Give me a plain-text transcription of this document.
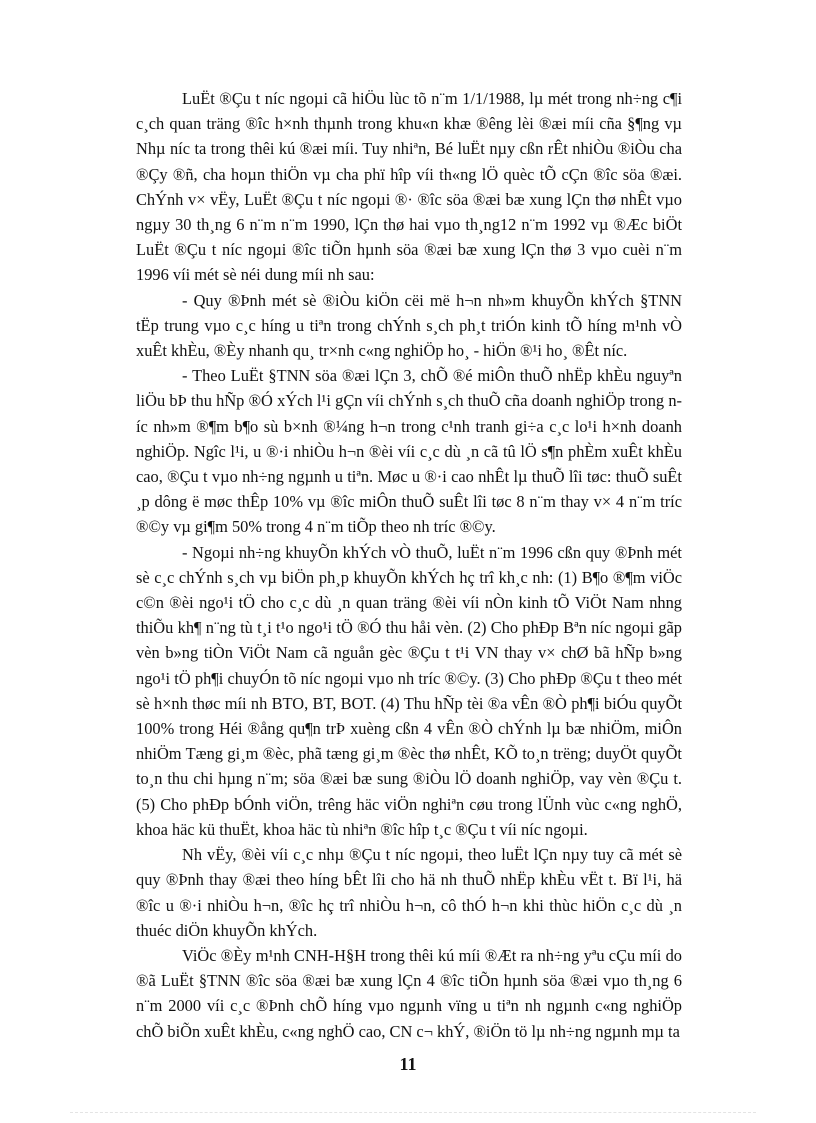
LuËt ®Çu t níc ngoµi cã hiÖu lùc tõ n¨m 1/1/1988, lµ mét trong nh÷ng c¶i c¸ch quan träng ®îc h×nh thµnh trong khu«n khæ ®êng lèi ®æi míi cña §¶ng vµ Nhµ níc ta trong thêi kú ®æi míi. Tuy nhiªn, Bé luËt nµy cßn rÊt nhiÒu ®iÒu cha ®Çy ®ñ, cha hoµn thiÖn vµ cha phï hîp víi th«ng lÖ quèc tÕ cÇn ®îc söa ®æi. ChÝnh v× vËy, LuËt ®Çu t níc ngoµi ®· ®îc söa ®æi bæ xung lÇn thø nhÊt vµo ngµy 30 th¸ng 6 n¨m n¨m 1990, lÇn thø hai vµo th¸ng12 n¨m 1992 vµ ®Æc biÖt LuËt ®Çu t níc ngoµi ®îc tiÕn hµnh söa ®æi bæ xung lÇn thø 3 vµo cuèi n¨m 1996 víi mét sè néi dung míi nh sau:

- Quy ®Þnh mét sè ®iÒu kiÖn cëi më h¬n nh»m khuyÕn khÝch §TNN tËp trung vµo c¸c híng u tiªn trong chÝnh s¸ch ph¸t triÓn kinh tÕ híng m¹nh vÒ xuÊt khÈu, ®Èy nhanh qu¸ tr×nh c«ng nghiÖp ho¸ - hiÖn ®¹i ho¸ ®Êt níc.

- Theo LuËt §TNN söa ®æi lÇn 3, chÕ ®é miÔn thuÕ nhËp khÈu nguyªn liÖu bÞ thu hÑp ®Ó xÝch l¹i gÇn víi chÝnh s¸ch thuÕ cña doanh nghiÖp trong níc nh»m ®¶m b¶o sù b×nh ®¼ng h¬n trong c¹nh tranh gi÷a c¸c lo¹i h×nh doanh nghiÖp. Ngîc l¹i, u ®·i nhiÒu h¬n ®èi víi c¸c dù ¸n cã tû lÖ s¶n phÈm xuÊt khÈu cao, ®Çu t vµo nh÷ng ngµnh u tiªn. Møc u ®·i cao nhÊt lµ thuÕ lîi tøc: thuÕ suÊt ¸p dông ë møc thÊp 10% vµ ®îc miÔn thuÕ suÊt lîi tøc 8 n¨m thay v× 4 n¨m tríc ®©y vµ gi¶m 50% trong 4 n¨m tiÕp theo nh tríc ®©y.

- Ngoµi nh÷ng khuyÕn khÝch vÒ thuÕ, luËt n¨m 1996 cßn quy ®Þnh mét sè c¸c chÝnh s¸ch vµ biÖn ph¸p khuyÕn khÝch hç trî kh¸c nh: (1) B¶o ®¶m viÖc c©n ®èi ngo¹i tÖ cho c¸c dù ¸n quan träng ®èi víi nÒn kinh tÕ ViÖt Nam nhng thiÕu kh¶ n¨ng tù t¸i t¹o ngo¹i tÖ ®Ó thu håi vèn. (2) Cho phÐp Bªn níc ngoµi gãp vèn b»ng tiÒn ViÖt Nam cã nguån gèc ®Çu t t¹i VN thay v× chØ bã hÑp b»ng ngo¹i tÖ ph¶i chuyÓn tõ níc ngoµi vµo nh tríc ®©y. (3) Cho phÐp ®Çu t theo mét sè h×nh thøc míi nh BTO, BT, BOT. (4) Thu hÑp tèi ®a vÊn ®Ò ph¶i biÓu quyÕt 100% trong Héi ®ång qu¶n trÞ xuèng cßn 4 vÊn ®Ò chÝnh lµ bæ nhiÖm, miÔn nhiÖm Tæng gi¸m ®èc, phã tæng gi¸m ®èc thø nhÊt, KÕ to¸n trëng; duyÖt quyÕt to¸n thu chi hµng n¨m; söa ®æi bæ sung ®iÒu lÖ doanh nghiÖp, vay vèn ®Çu t. (5) Cho phÐp bÓnh viÖn, trêng häc viÖn nghiªn cøu trong lÜnh vùc c«ng nghÖ, khoa häc kü thuËt, khoa häc tù nhiªn ®îc hîp t¸c ®Çu t víi níc ngoµi.

Nh vËy, ®èi víi c¸c nhµ ®Çu t níc ngoµi, theo luËt lÇn nµy tuy cã mét sè quy ®Þnh thay ®æi theo híng bÊt lîi cho hä nh thuÕ nhËp khÈu vËt t. Bï l¹i, hä ®îc u ®·i nhiÒu h¬n, ®îc hç trî nhiÒu h¬n, cô thÓ h¬n khi thùc hiÖn c¸c dù ¸n thuéc diÖn khuyÕn khÝch.

ViÖc ®Èy m¹nh CNH-H§H trong thêi kú míi ®Æt ra nh÷ng yªu cÇu míi do ®ã LuËt §TNN ®îc söa ®æi bæ xung lÇn 4 ®îc tiÕn hµnh söa ®æi vµo th¸ng 6 n¨m 2000 víi c¸c ®Þnh chÕ híng vµo ngµnh vïng u tiªn nh ngµnh c«ng nghiÖp chÕ biÕn xuÊt khÈu, c«ng nghÖ cao, CN c¬ khÝ, ®iÖn tö lµ nh÷ng ngµnh mµ ta

11
